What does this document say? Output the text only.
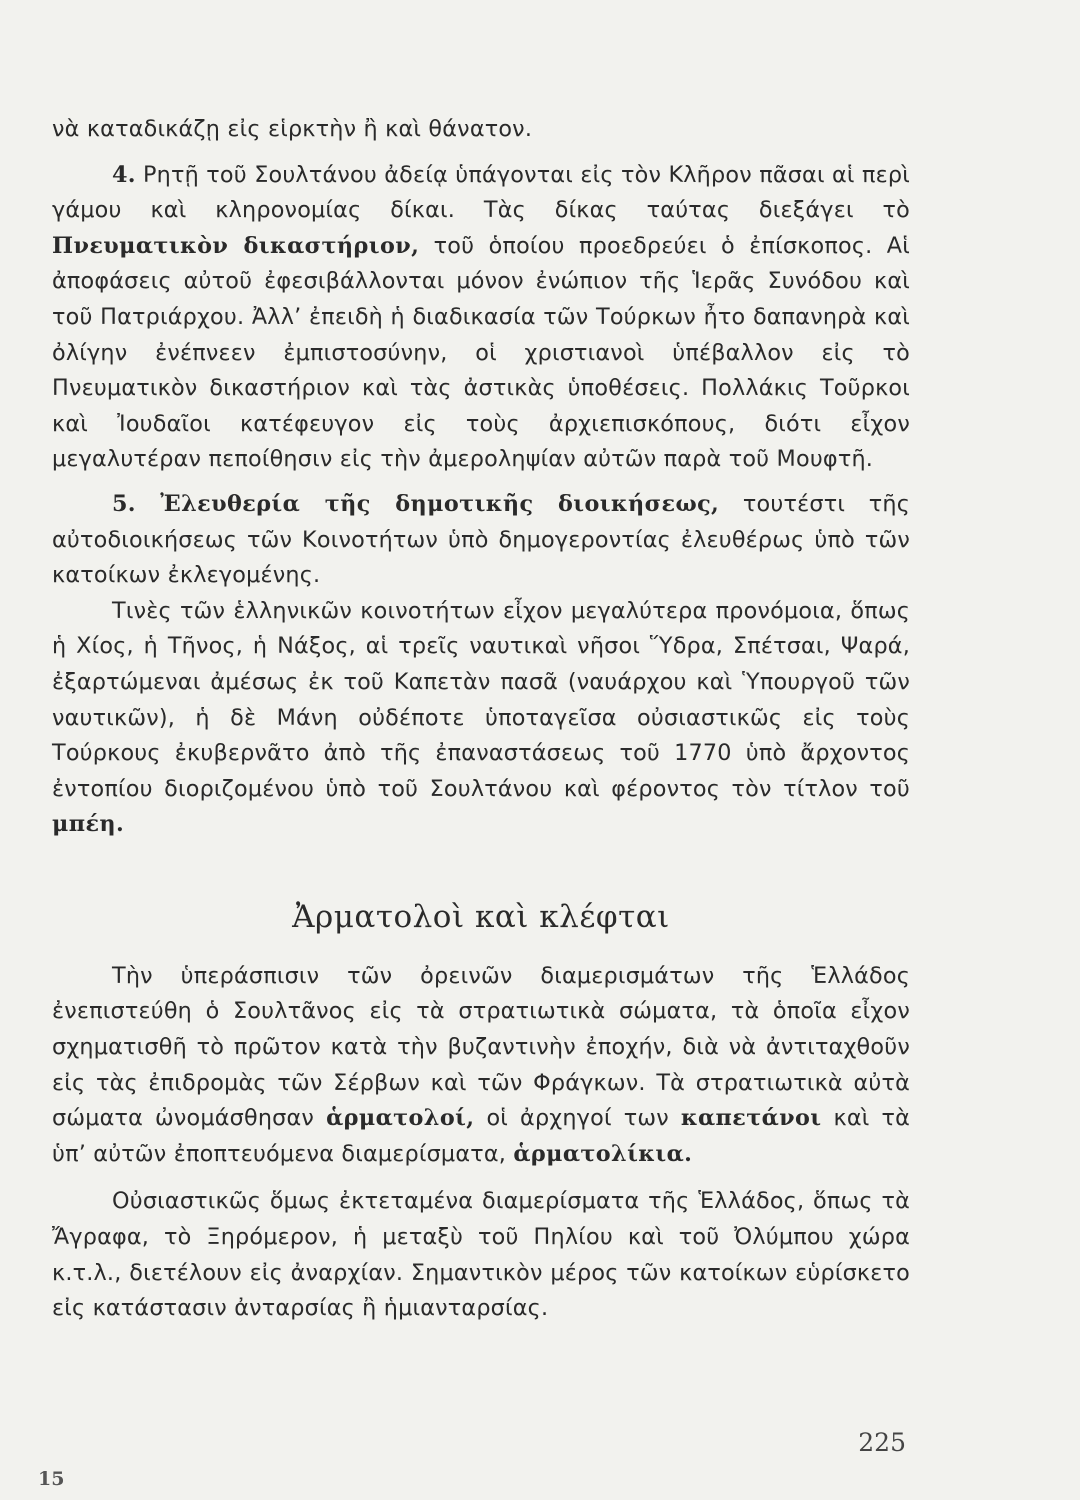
νὰ καταδικάζῃ εἰς εἱρκτὴν ἢ καὶ θάνατον.

4. Ρητῇ τοῦ Σουλτάνου ἀδείᾳ ὑπάγονται εἰς τὸν Κλῆρον πᾶσαι αἱ περὶ γάμου καὶ κληρονομίας δίκαι. Τὰς δίκας ταύτας διεξάγει τὸ Πνευματικὸν δικαστήριον, τοῦ ὁποίου προεδρεύει ὁ ἐπίσκοπος. Αἱ ἀποφάσεις αὐτοῦ ἐφεσιβάλλονται μόνον ἐνώπιον τῆς Ἱερᾶς Συνόδου καὶ τοῦ Πατριάρχου. Ἀλλ’ ἐπειδὴ ἡ διαδικασία τῶν Τούρκων ἦτο δαπανηρὰ καὶ ὀλίγην ἐνέπνεεν ἐμπιστοσύνην, οἱ χριστιανοὶ ὑπέβαλλον εἰς τὸ Πνευματικὸν δικαστήριον καὶ τὰς ἀστικὰς ὑποθέσεις. Πολλάκις Τοῦρκοι καὶ Ἰουδαῖοι κατέφευγον εἰς τοὺς ἀρχιεπισκόπους, διότι εἶχον μεγαλυτέραν πεποίθησιν εἰς τὴν ἀμεροληψίαν αὐτῶν παρὰ τοῦ Μουφτῆ.

5. Ἐλευθερία τῆς δημοτικῆς διοικήσεως, τουτέστι τῆς αὐτοδιοικήσεως τῶν Κοινοτήτων ὑπὸ δημογεροντίας ἐλευθέρως ὑπὸ τῶν κατοίκων ἐκλεγομένης.

Τινὲς τῶν ἑλληνικῶν κοινοτήτων εἶχον μεγαλύτερα προνόμοια, ὅπως ἡ Χίος, ἡ Τῆνος, ἡ Νάξος, αἱ τρεῖς ναυτικαὶ νῆσοι Ὕδρα, Σπέτσαι, Ψαρά, ἐξαρτώμεναι ἀμέσως ἐκ τοῦ Καπετὰν πασᾶ (ναυάρχου καὶ Ὑπουργοῦ τῶν ναυτικῶν), ἡ δὲ Μάνη οὐδέποτε ὑποταγεῖσα οὐσιαστικῶς εἰς τοὺς Τούρκους ἐκυβερνᾶτο ἀπὸ τῆς ἐπαναστάσεως τοῦ 1770 ὑπὸ ἄρχοντος ἐντοπίου διοριζομένου ὑπὸ τοῦ Σουλτάνου καὶ φέροντος τὸν τίτλον τοῦ μπέη.

Ἀρματολοὶ καὶ κλέφται

Τὴν ὑπεράσπισιν τῶν ὀρεινῶν διαμερισμάτων τῆς Ἑλλάδος ἐνεπιστεύθη ὁ Σουλτᾶνος εἰς τὰ στρατιωτικὰ σώματα, τὰ ὁποῖα εἶχον σχηματισθῆ τὸ πρῶτον κατὰ τὴν βυζαντινὴν ἐποχήν, διὰ νὰ ἀντιταχθοῦν εἰς τὰς ἐπιδρομὰς τῶν Σέρβων καὶ τῶν Φράγκων. Τὰ στρατιωτικὰ αὐτὰ σώματα ὠνομάσθησαν ἁρματολοί, οἱ ἀρχηγοί των καπετάνοι καὶ τὰ ὑπ’ αὐτῶν ἐποπτευόμενα διαμερίσματα, ἁρματολίκια.

Οὐσιαστικῶς ὅμως ἐκτεταμένα διαμερίσματα τῆς Ἑλλάδος, ὅπως τὰ Ἄγραφα, τὸ Ξηρόμερον, ἡ μεταξὺ τοῦ Πηλίου καὶ τοῦ Ὀλύμπου χώρα κ.τ.λ., διετέλουν εἰς ἀναρχίαν. Σημαντικὸν μέρος τῶν κατοίκων εὑρίσκετο εἰς κατάστασιν ἀνταρσίας ἢ ἡμιανταρσίας.

225
15
